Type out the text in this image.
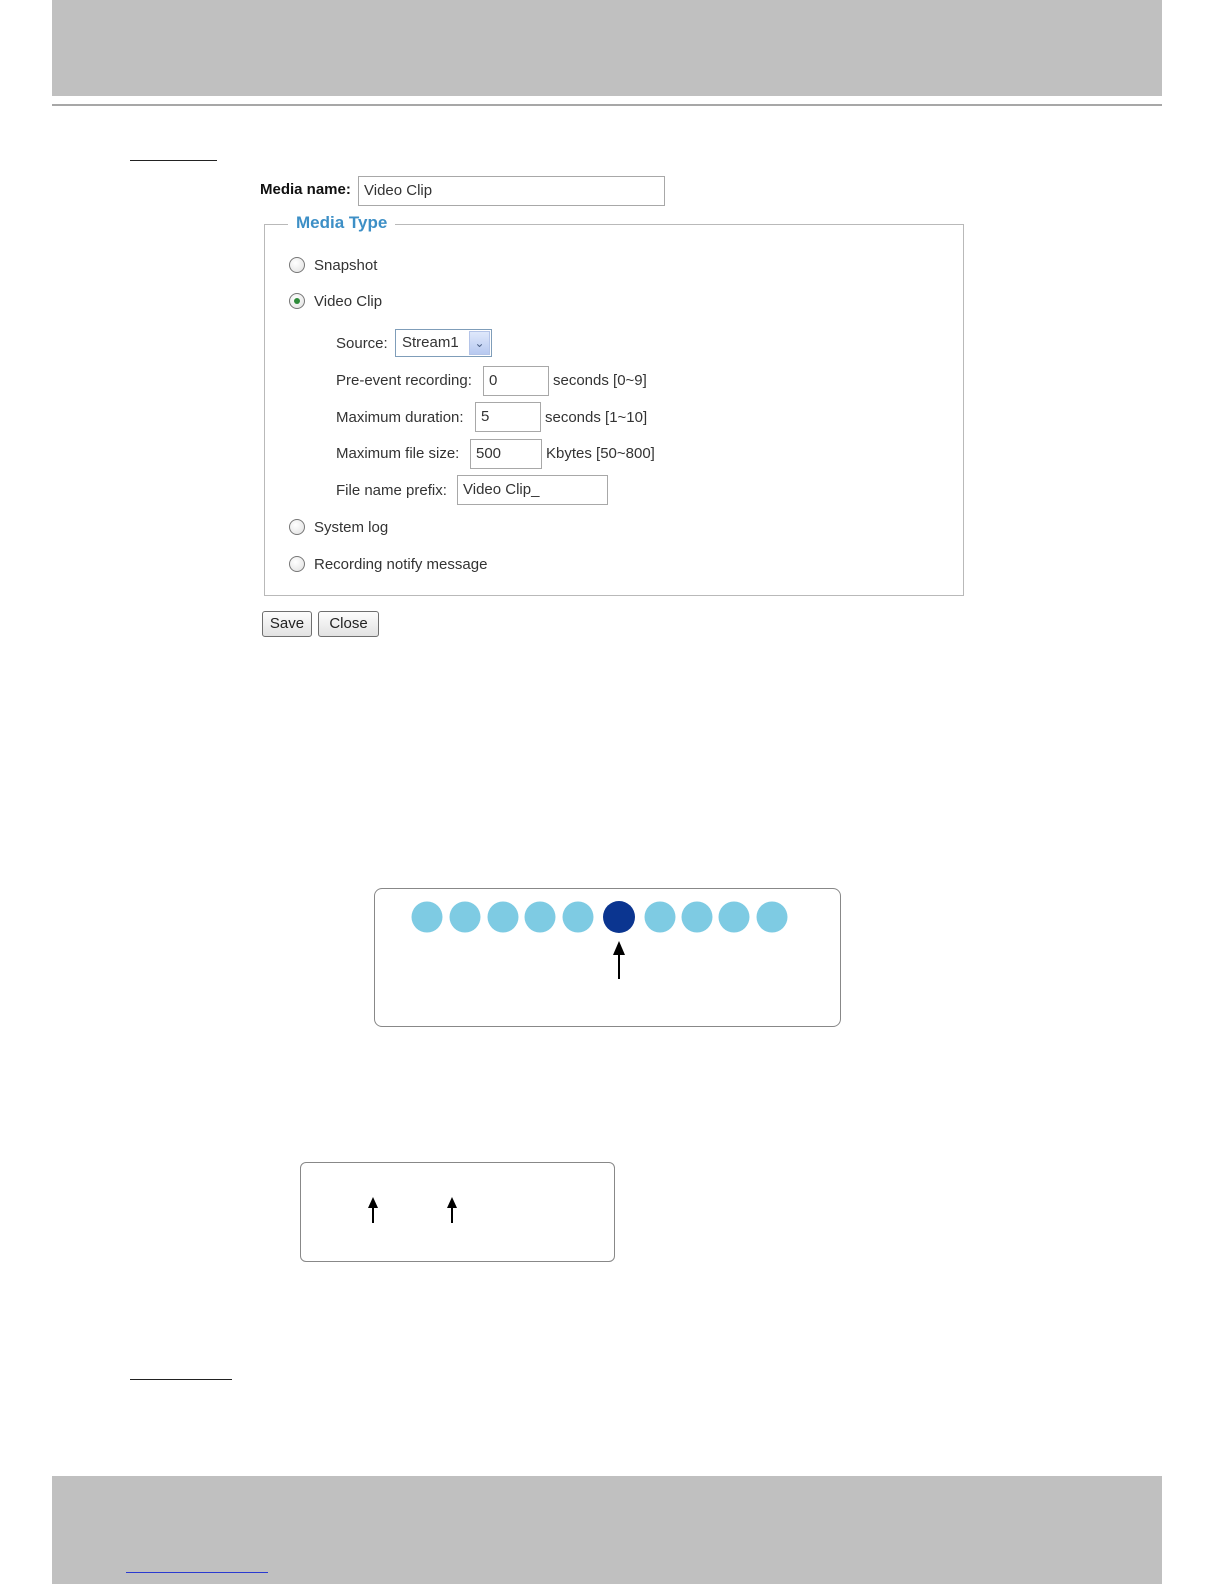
Media name: Video Clip
Media Type
Snapshot
Video Clip
Source: Stream1	⌄
Pre-event recording:	0	seconds [0~9]
Maximum duration:	5	seconds [1~10]
Maximum file size:	500	Kbytes [50~800]
File name prefix:	Video Clip_
System log
Recording notify message
Save	Close
